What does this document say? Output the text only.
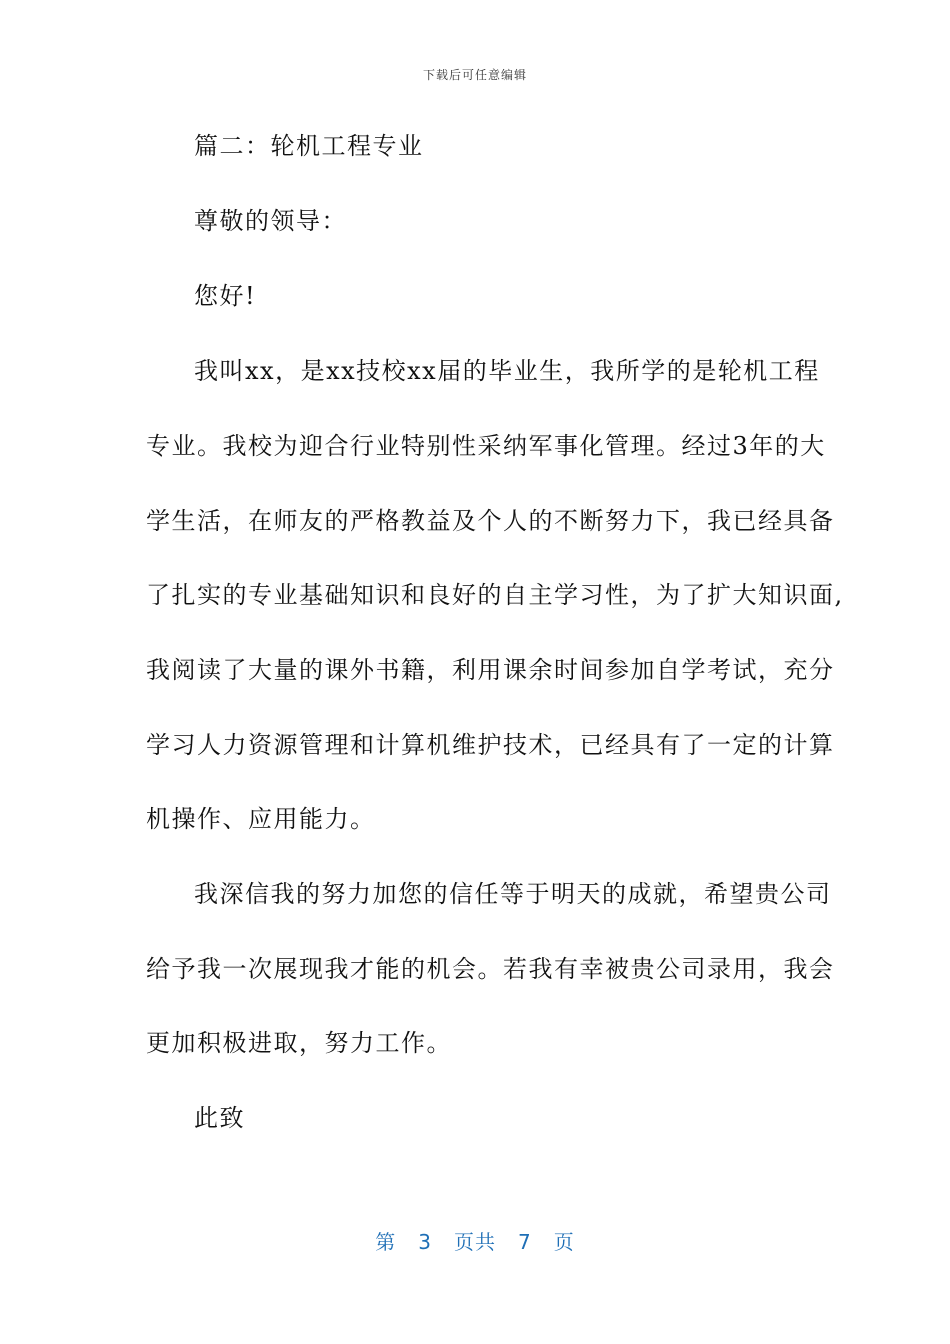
下载后可任意编辑
篇二：轮机工程专业
尊敬的领导：
您好!
我叫xx，是xx技校xx届的毕业生，我所学的是轮机工程
专业。我校为迎合行业特别性采纳军事化管理。经过3年的大
学生活，在师友的严格教益及个人的不断努力下，我已经具备
了扎实的专业基础知识和良好的自主学习性，为了扩大知识面,
我阅读了大量的课外书籍，利用课余时间参加自学考试，充分
学习人力资源管理和计算机维护技术，已经具有了一定的计算
机操作、应用能力。
我深信我的努力加您的信任等于明天的成就，希望贵公司
给予我一次展现我才能的机会。若我有幸被贵公司录用，我会
更加积极进取，努力工作。
此致
第 3 页共 7 页
